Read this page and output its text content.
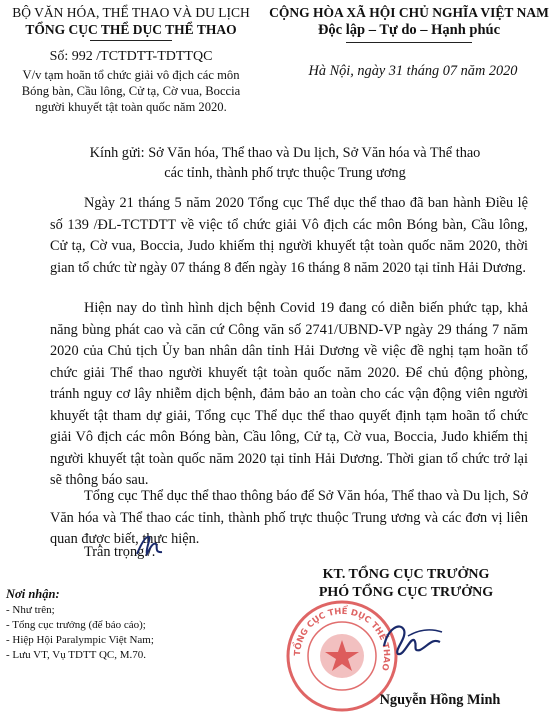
BỘ VĂN HÓA, THỂ THAO VÀ DU LỊCH
TỔNG CỤC THỂ DỤC THỂ THAO
Số: 992 /TCTDTT-TDTTQC
V/v tạm hoãn tổ chức giải vô địch các môn
Bóng bàn, Cầu lông, Cử tạ, Cờ vua, Boccia
người khuyết tật toàn quốc năm 2020.
CỘNG HÒA XÃ HỘI CHỦ NGHĨA VIỆT NAM
Độc lập – Tự do – Hạnh phúc
Hà Nội, ngày 31 tháng 07 năm 2020
Kính gửi: Sở Văn hóa, Thể thao và Du lịch, Sở Văn hóa và Thể thao
các tỉnh, thành phố trực thuộc Trung ương
Ngày 21 tháng 5 năm 2020 Tổng cục Thể dục thể thao đã ban hành Điều lệ số 139 /ĐL-TCTDTT về việc tổ chức giải Vô địch các môn Bóng bàn, Cầu lông, Cử tạ, Cờ vua, Boccia, Judo khiếm thị người khuyết tật toàn quốc năm 2020, thời gian tổ chức từ ngày 07 tháng 8 đến ngày 16 tháng 8 năm 2020 tại tỉnh Hải Dương.
Hiện nay do tình hình dịch bệnh Covid 19 đang có diễn biến phức tạp, khả năng bùng phát cao và căn cứ Công văn số 2741/UBND-VP ngày 29 tháng 7 năm 2020 của Chủ tịch Ủy ban nhân dân tỉnh Hải Dương về việc đề nghị tạm hoãn tổ chức giải Thể thao người khuyết tật toàn quốc năm 2020. Để chủ động phòng, tránh nguy cơ lây nhiễm dịch bệnh, đảm bảo an toàn cho các vận động viên người khuyết tật tham dự giải, Tổng cục Thể dục thể thao quyết định tạm hoãn tổ chức giải Vô địch các môn Bóng bàn, Cầu lông, Cử tạ, Cờ vua, Boccia, Judo khiếm thị người khuyết tật toàn quốc năm 2020 tại tỉnh Hải Dương. Thời gian tổ chức trở lại sẽ thông báo sau.
Tổng cục Thể dục thể thao thông báo để Sở Văn hóa, Thể thao và Du lịch, Sở Văn hóa và Thể thao các tỉnh, thành phố trực thuộc Trung ương và các đơn vị liên quan được biết, thực hiện.
Trân trọng./.
Nơi nhận:
- Như trên;
- Tổng cục trưởng (để báo cáo);
- Hiệp Hội Paralympic Việt Nam;
- Lưu VT, Vụ TDTT QC, M.70.
KT. TỔNG CỤC TRƯỞNG
PHÓ TỔNG CỤC TRƯỞNG
TỔNG CỤC THỂ DỤC THỂ THAO
Nguyễn Hồng Minh
